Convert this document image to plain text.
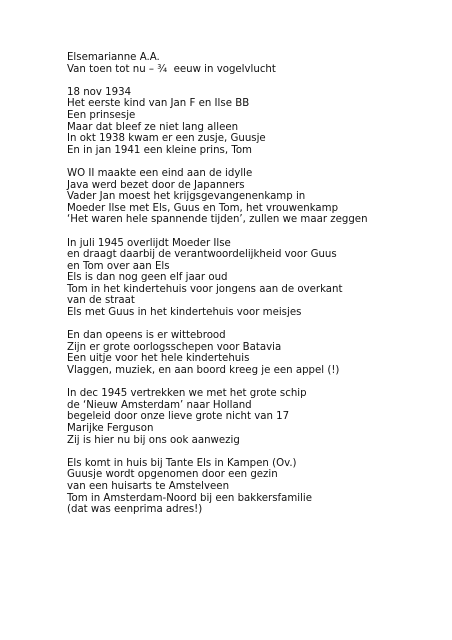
Elsemarianne A.A.
Van toen tot nu – ¾  eeuw in vogelvlucht
18 nov 1934
Het eerste kind van Jan F en Ilse BB
Een prinsesje
Maar dat bleef ze niet lang alleen
In okt 1938 kwam er een zusje, Guusje
En in jan 1941 een kleine prins, Tom
WO II maakte een eind aan de idylle
Java werd bezet door de Japanners
Vader Jan moest het krijgsgevangenenkamp in
Moeder Ilse met Els, Guus en Tom, het vrouwenkamp
‘Het waren hele spannende tijden’, zullen we maar zeggen
In juli 1945 overlijdt Moeder Ilse
en draagt daarbij de verantwoordelijkheid voor Guus
en Tom over aan Els
Els is dan nog geen elf jaar oud
Tom in het kindertehuis voor jongens aan de overkant
van de straat
Els met Guus in het kindertehuis voor meisjes
En dan opeens is er wittebrood
Zijn er grote oorlogsschepen voor Batavia
Een uitje voor het hele kindertehuis
Vlaggen, muziek, en aan boord kreeg je een appel (!)
In dec 1945 vertrekken we met het grote schip
de ‘Nieuw Amsterdam’ naar Holland
begeleid door onze lieve grote nicht van 17
Marijke Ferguson
Zij is hier nu bij ons ook aanwezig
Els komt in huis bij Tante Els in Kampen (Ov.)
Guusje wordt opgenomen door een gezin
van een huisarts te Amstelveen
Tom in Amsterdam-Noord bij een bakkersfamilie
(dat was eenprima adres!)
